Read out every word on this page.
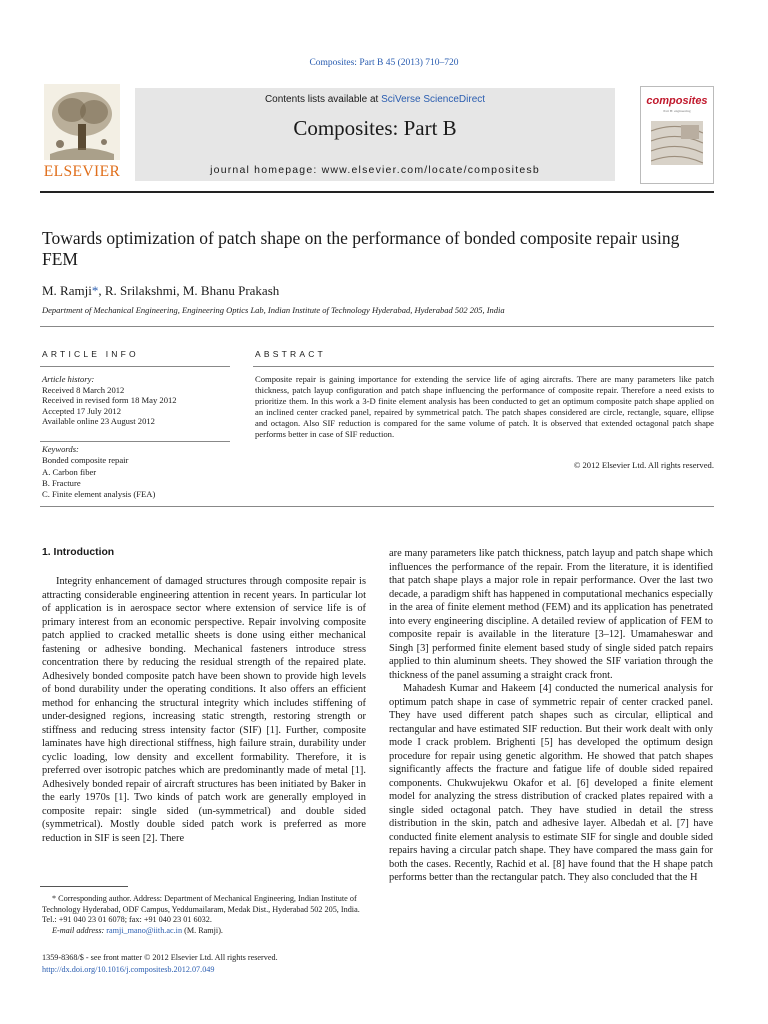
Composites: Part B 45 (2013) 710–720
ELSEVIER
Contents lists available at SciVerse ScienceDirect
Composites: Part B
journal homepage: www.elsevier.com/locate/compositesb
composites
Part B: engineering
Towards optimization of patch shape on the performance of bonded composite repair using FEM
M. Ramji*, R. Srilakshmi, M. Bhanu Prakash
Department of Mechanical Engineering, Engineering Optics Lab, Indian Institute of Technology Hyderabad, Hyderabad 502 205, India
ARTICLE INFO	ABSTRACT
Article history:
Received 8 March 2012
Received in revised form 18 May 2012
Accepted 17 July 2012
Available online 23 August 2012
Keywords:
Bonded composite repair
A. Carbon fiber
B. Fracture
C. Finite element analysis (FEA)
Composite repair is gaining importance for extending the service life of aging aircrafts. There are many parameters like patch thickness, patch layup configuration and patch shape influencing the performance of composite repair. Therefore a need exists to prioritize them. In this work a 3-D finite element analysis has been conducted to get an optimum composite patch shape applied on an inclined center cracked panel, repaired by symmetrical patch. The patch shapes considered are circle, rectangle, square, ellipse and octagon. Also SIF reduction is compared for the same volume of patch. It is observed that extended octagonal patch shape performs better in case of SIF reduction.
© 2012 Elsevier Ltd. All rights reserved.
1. Introduction

Integrity enhancement of damaged structures through composite repair is attracting considerable engineering attention in recent years. In particular lot of application is in aerospace sector where extension of service life is of primary interest from an economic perspective. Repair involving composite patch applied to cracked metallic sheets is done using either mechanical fastening or adhesive bonding. Mechanical fasteners introduce stress concentration there by reducing the residual strength of the repaired plate. Adhesively bonded composite patch have been shown to provide high levels of bond durability under the operating conditions. It also offers an efficient method for enhancing the structural integrity which includes stiffening of under-designed regions, increasing static strength, restoring strength or stiffness and reducing stress intensity factor (SIF) [1]. Further, composite laminates have high directional stiffness, high failure strain, durability under cyclic loading, low density and excellent formability. Therefore, it is preferred over isotropic patches which are predominantly made of metal [1]. Adhesively bonded repair of aircraft structures has been initiated by Baker in the early 1970s [1]. Two kinds of patch work are generally employed in composite repair: single sided (un-symmetrical) and double sided (symmetrical). Mostly double sided patch work is preferred as more reduction in SIF is seen [2]. There

are many parameters like patch thickness, patch layup and patch shape which influences the performance of the repair. From the literature, it is identified that patch shape plays a major role in repair performance. Over the last two decade, a paradigm shift has happened in computational mechanics especially in the area of finite element method (FEM) and its application has penetrated into every engineering discipline. A detailed review of application of FEM to composite repair is available in the literature [3–12]. Umamaheswar and Singh [3] performed finite element based study of single sided patch repairs applied to thin aluminum sheets. They showed the SIF variation through the thickness of the panel assuming a straight crack front.

Mahadesh Kumar and Hakeem [4] conducted the numerical analysis for optimum patch shape in case of symmetric repair of center cracked panel. They have used different patch shapes such as circular, elliptical and rectangular and have estimated SIF reduction. But their work dealt with only mode I crack problem. Brighenti [5] has developed the optimum design procedure for repair using genetic algorithm. He showed that patch shapes significantly affects the fracture and fatigue life of double sided repaired components. Chukwujekwu Okafor et al. [6] developed a finite element model for analyzing the stress distribution of cracked plates repaired with a single sided octagonal patch. They have studied in detail the stress distribution in the skin, patch and adhesive layer. Albedah et al. [7] have conducted finite element analysis to estimate SIF for single and double sided repairs having a circular patch shape. They have compared the mass gain for both the cases. Recently, Rachid et al. [8] have found that the H shape patch performs better than the rectangular patch. They also concluded that the H

* Corresponding author. Address: Department of Mechanical Engineering, Indian Institute of Technology Hyderabad, ODF Campus, Yeddumailaram, Medak Dist., Hyderabad 502 205, India. Tel.: +91 040 23 01 6078; fax: +91 040 23 01 6032.
E-mail address: ramji_mano@iith.ac.in (M. Ramji).
1359-8368/$ - see front matter © 2012 Elsevier Ltd. All rights reserved.
http://dx.doi.org/10.1016/j.compositesb.2012.07.049
